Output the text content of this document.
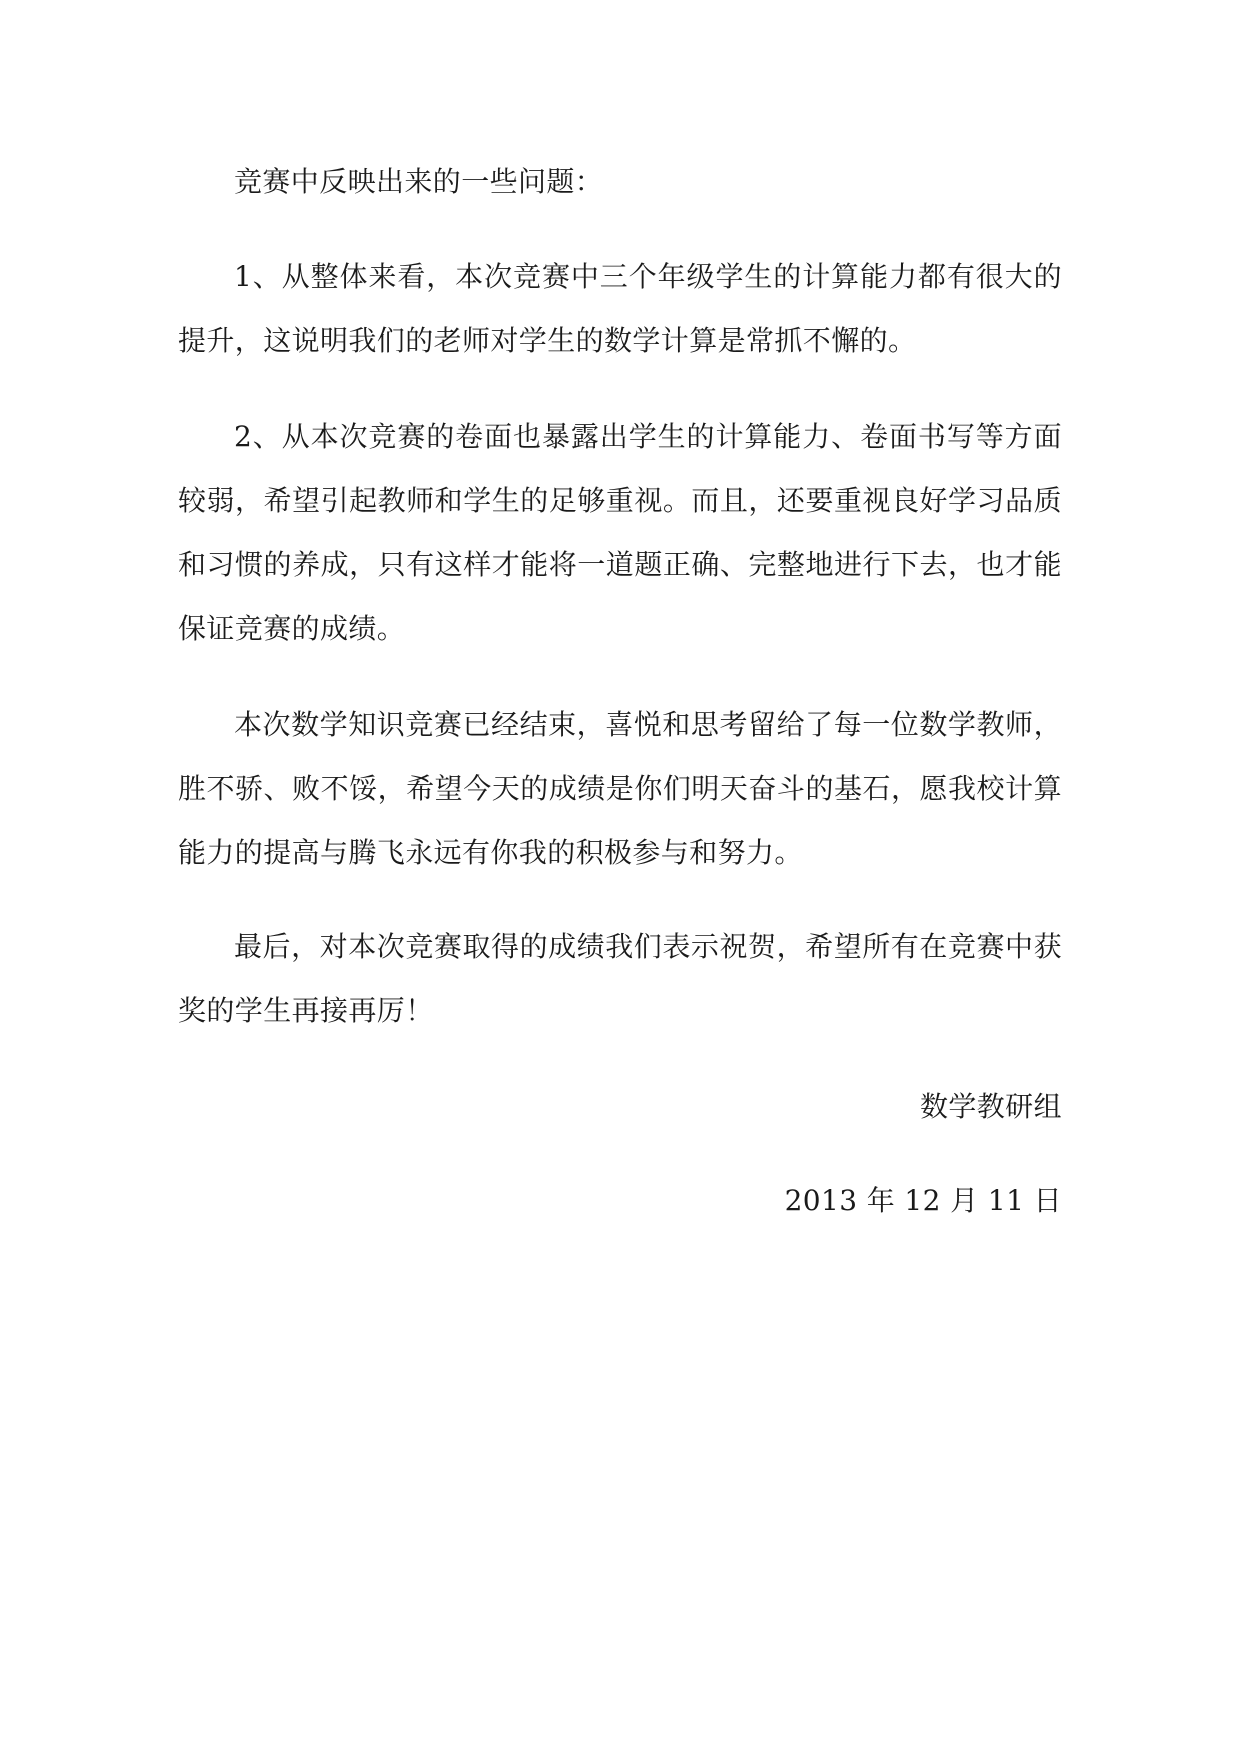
竞赛中反映出来的一些问题：

1、从整体来看，本次竞赛中三个年级学生的计算能力都有很大的提升，这说明我们的老师对学生的数学计算是常抓不懈的。

2、从本次竞赛的卷面也暴露出学生的计算能力、卷面书写等方面较弱，希望引起教师和学生的足够重视。而且，还要重视良好学习品质和习惯的养成，只有这样才能将一道题正确、完整地进行下去，也才能保证竞赛的成绩。

本次数学知识竞赛已经结束，喜悦和思考留给了每一位数学教师，胜不骄、败不馁，希望今天的成绩是你们明天奋斗的基石，愿我校计算能力的提高与腾飞永远有你我的积极参与和努力。

最后，对本次竞赛取得的成绩我们表示祝贺，希望所有在竞赛中获奖的学生再接再厉！

数学教研组

2013 年 12 月 11 日
